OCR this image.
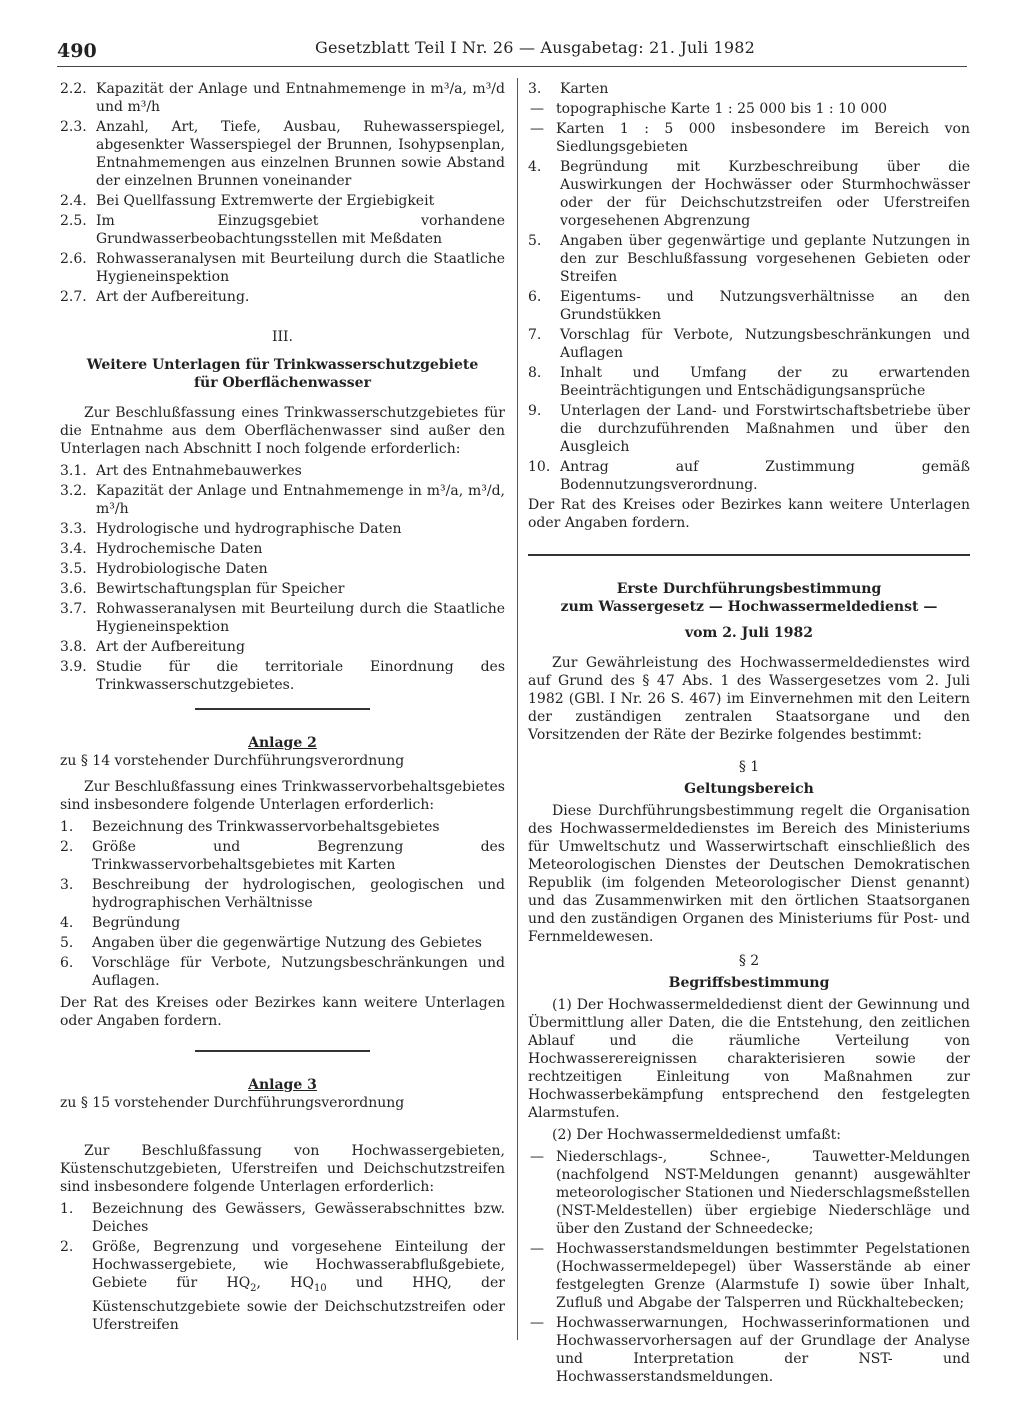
490	Gesetzblatt Teil I Nr. 26 — Ausgabetag: 21. Juli 1982
2.2. Kapazität der Anlage und Entnahmemenge in m³/a, m³/d und m³/h
2.3. Anzahl, Art, Tiefe, Ausbau, Ruhewasserspiegel, abgesenkter Wasserspiegel der Brunnen, Isohypsenplan, Entnahmemengen aus einzelnen Brunnen sowie Abstand der einzelnen Brunnen voneinander
2.4. Bei Quellfassung Extremwerte der Ergiebigkeit
2.5. Im Einzugsgebiet vorhandene Grundwasserbeobachtungsstellen mit Meßdaten
2.6. Rohwasseranalysen mit Beurteilung durch die Staatliche Hygieneinspektion
2.7. Art der Aufbereitung.
III.
Weitere Unterlagen für Trinkwasserschutzgebiete
für Oberflächenwasser
Zur Beschlußfassung eines Trinkwasserschutzgebietes für die Entnahme aus dem Oberflächenwasser sind außer den Unterlagen nach Abschnitt I noch folgende erforderlich:
3.1. Art des Entnahmebauwerkes
3.2. Kapazität der Anlage und Entnahmemenge in m³/a, m³/d, m³/h
3.3. Hydrologische und hydrographische Daten
3.4. Hydrochemische Daten
3.5. Hydrobiologische Daten
3.6. Bewirtschaftungsplan für Speicher
3.7. Rohwasseranalysen mit Beurteilung durch die Staatliche Hygieneinspektion
3.8. Art der Aufbereitung
3.9. Studie für die territoriale Einordnung des Trinkwasserschutzgebietes.
Anlage 2
zu § 14 vorstehender Durchführungsverordnung
Zur Beschlußfassung eines Trinkwasservorbehaltsgebietes sind insbesondere folgende Unterlagen erforderlich:
1.	Bezeichnung des Trinkwasservorbehaltsgebietes
2.	Größe und Begrenzung des Trinkwasservorbehaltsgebietes mit Karten
3.	Beschreibung der hydrologischen, geologischen und hydrographischen Verhältnisse
4.	Begründung
5.	Angaben über die gegenwärtige Nutzung des Gebietes
6.	Vorschläge für Verbote, Nutzungsbeschränkungen und Auflagen.
Der Rat des Kreises oder Bezirkes kann weitere Unterlagen oder Angaben fordern.
Anlage 3
zu § 15 vorstehender Durchführungsverordnung
Zur Beschlußfassung von Hochwassergebieten, Küstenschutzgebieten, Uferstreifen und Deichschutzstreifen sind insbesondere folgende Unterlagen erforderlich:
1.	Bezeichnung des Gewässers, Gewässerabschnittes bzw. Deiches
2.	Größe, Begrenzung und vorgesehene Einteilung der Hochwassergebiete, wie Hochwasserabflußgebiete, Gebiete für $HQ_2$, $HQ_{10}$ und HHQ, der Küstenschutzgebiete sowie der Deichschutzstreifen oder Uferstreifen
3.	Karten
— topographische Karte 1 : 25 000 bis 1 : 10 000
— Karten 1 : 5 000 insbesondere im Bereich von Siedlungsgebieten
4.	Begründung mit Kurzbeschreibung über die Auswirkungen der Hochwässer oder Sturmhochwässer oder der für Deichschutzstreifen oder Uferstreifen vorgesehenen Abgrenzung
5.	Angaben über gegenwärtige und geplante Nutzungen in den zur Beschlußfassung vorgesehenen Gebieten oder Streifen
6.	Eigentums- und Nutzungsverhältnisse an den Grundstükken
7.	Vorschlag für Verbote, Nutzungsbeschränkungen und Auflagen
8.	Inhalt und Umfang der zu erwartenden Beeinträchtigungen und Entschädigungsansprüche
9.	Unterlagen der Land- und Forstwirtschaftsbetriebe über die durchzuführenden Maßnahmen und über den Ausgleich
10. Antrag auf Zustimmung gemäß Bodennutzungsverordnung.
Der Rat des Kreises oder Bezirkes kann weitere Unterlagen oder Angaben fordern.
Erste Durchführungsbestimmung
zum Wassergesetz — Hochwassermeldedienst —
vom 2. Juli 1982
Zur Gewährleistung des Hochwassermeldedienstes wird auf Grund des § 47 Abs. 1 des Wassergesetzes vom 2. Juli 1982 (GBl. I Nr. 26 S. 467) im Einvernehmen mit den Leitern der zuständigen zentralen Staatsorgane und den Vorsitzenden der Räte der Bezirke folgendes bestimmt:
§ 1
Geltungsbereich
Diese Durchführungsbestimmung regelt die Organisation des Hochwassermeldedienstes im Bereich des Ministeriums für Umweltschutz und Wasserwirtschaft einschließlich des Meteorologischen Dienstes der Deutschen Demokratischen Republik (im folgenden Meteorologischer Dienst genannt) und das Zusammenwirken mit den örtlichen Staatsorganen und den zuständigen Organen des Ministeriums für Post- und Fernmeldewesen.
§ 2
Begriffsbestimmung
(1) Der Hochwassermeldedienst dient der Gewinnung und Übermittlung aller Daten, die die Entstehung, den zeitlichen Ablauf und die räumliche Verteilung von Hochwasserereignissen charakterisieren sowie der rechtzeitigen Einleitung von Maßnahmen zur Hochwasserbekämpfung entsprechend den festgelegten Alarmstufen.
(2) Der Hochwassermeldedienst umfaßt:
— Niederschlags-, Schnee-, Tauwetter-Meldungen (nachfolgend NST-Meldungen genannt) ausgewählter meteorologischer Stationen und Niederschlagsmeßstellen (NST-Meldestellen) über ergiebige Niederschläge und über den Zustand der Schneedecke;
— Hochwasserstandsmeldungen bestimmter Pegelstationen (Hochwassermeldepegel) über Wasserstände ab einer festgelegten Grenze (Alarmstufe I) sowie über Inhalt, Zufluß und Abgabe der Talsperren und Rückhaltebecken;
— Hochwasserwarnungen, Hochwasserinformationen und Hochwasservorhersagen auf der Grundlage der Analyse und Interpretation der NST- und Hochwasserstandsmeldungen.
